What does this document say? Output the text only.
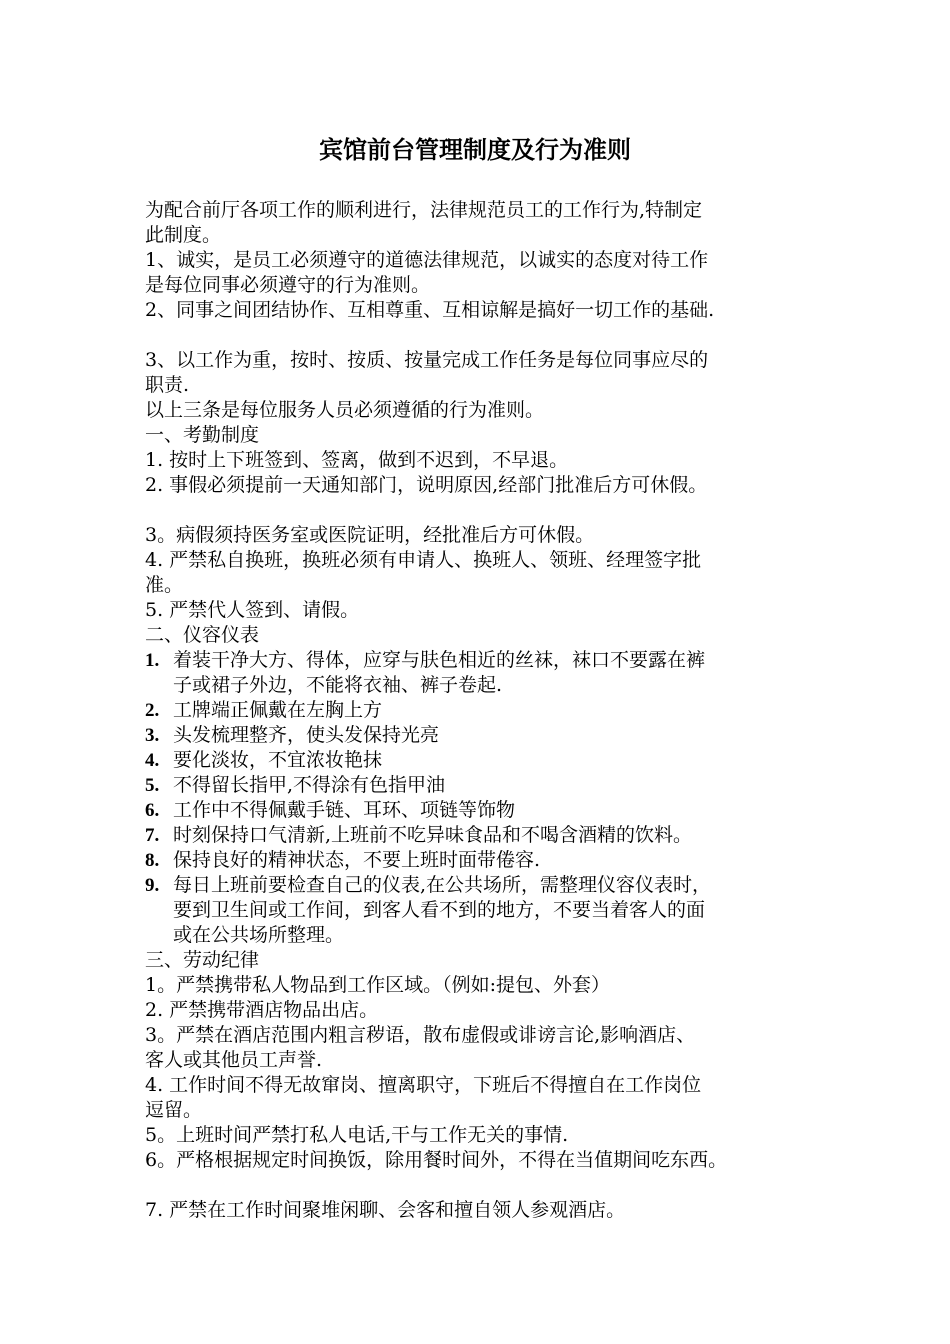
宾馆前台管理制度及行为准则
为配合前厅各项工作的顺利进行，法律规范员工的工作行为,特制定
此制度。
1、诚实，是员工必须遵守的道德法律规范，以诚实的态度对待工作
是每位同事必须遵守的行为准则。
2、同事之间团结协作、互相尊重、互相谅解是搞好一切工作的基础.
3、以工作为重，按时、按质、按量完成工作任务是每位同事应尽的
职责.
以上三条是每位服务人员必须遵循的行为准则。
一、考勤制度
1. 按时上下班签到、签离，做到不迟到，不早退。
2. 事假必须提前一天通知部门，说明原因,经部门批准后方可休假。
3。病假须持医务室或医院证明，经批准后方可休假。
4. 严禁私自换班，换班必须有申请人、换班人、领班、经理签字批
准。
5. 严禁代人签到、请假。
二、仪容仪表
1. 着装干净大方、得体，应穿与肤色相近的丝袜，袜口不要露在裤
子或裙子外边，不能将衣袖、裤子卷起.
2. 工牌端正佩戴在左胸上方
3. 头发梳理整齐，使头发保持光亮
4. 要化淡妆，不宜浓妆艳抹
5. 不得留长指甲,不得涂有色指甲油
6. 工作中不得佩戴手链、耳环、项链等饰物
7. 时刻保持口气清新,上班前不吃异味食品和不喝含酒精的饮料。
8. 保持良好的精神状态，不要上班时面带倦容.
9. 每日上班前要检查自己的仪表,在公共场所，需整理仪容仪表时，
要到卫生间或工作间，到客人看不到的地方，不要当着客人的面
或在公共场所整理。
三、劳动纪律
1。严禁携带私人物品到工作区域。（例如:提包、外套）
2. 严禁携带酒店物品出店。
3。严禁在酒店范围内粗言秽语，散布虚假或诽谤言论,影响酒店、
客人或其他员工声誉.
4. 工作时间不得无故窜岗、擅离职守，下班后不得擅自在工作岗位
逗留。
5。上班时间严禁打私人电话,干与工作无关的事情.
6。严格根据规定时间换饭，除用餐时间外，不得在当值期间吃东西。
7. 严禁在工作时间聚堆闲聊、会客和擅自领人参观酒店。
